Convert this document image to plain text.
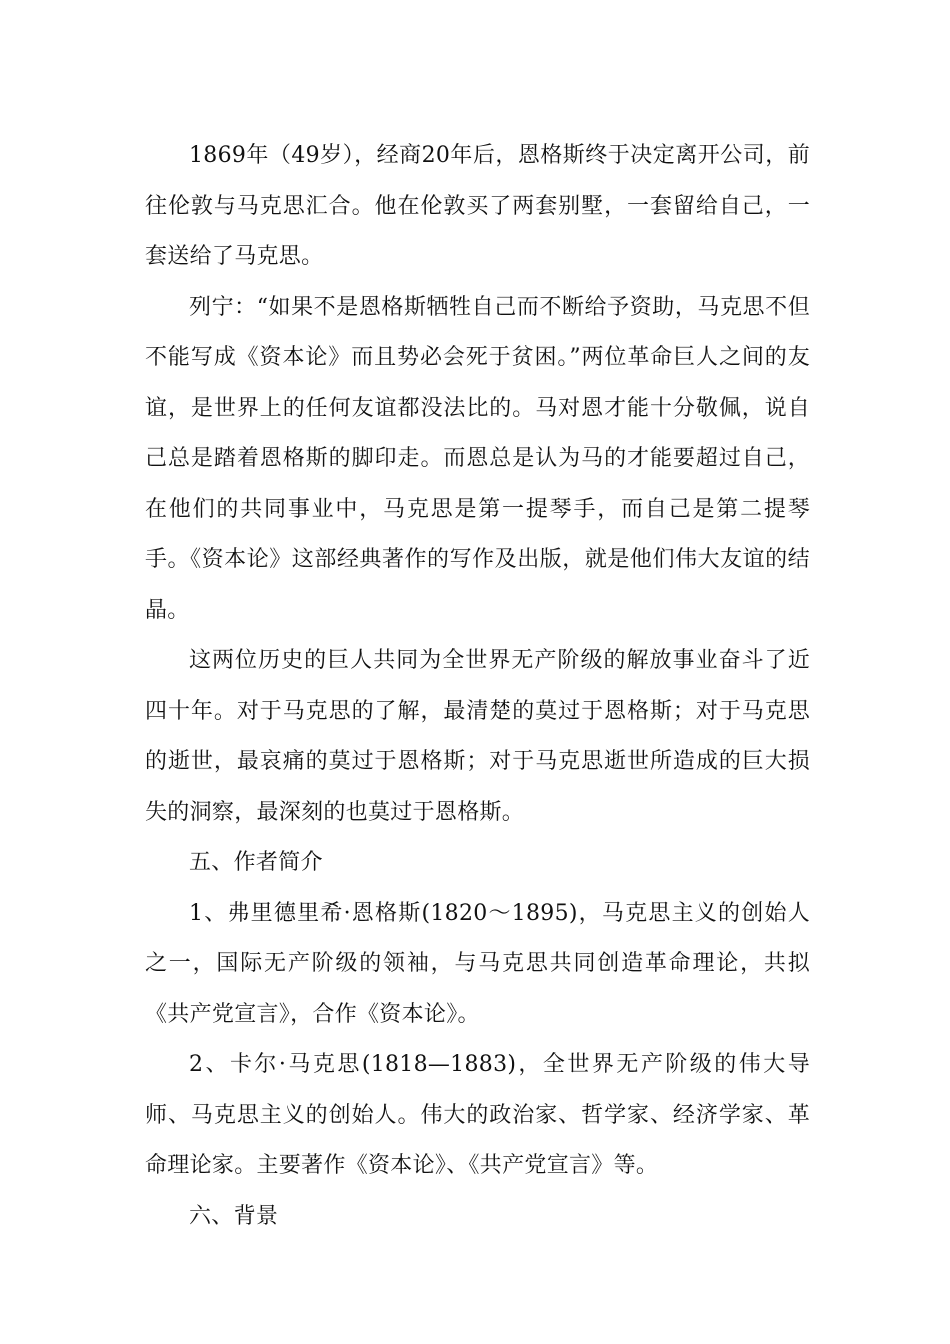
1869年（49岁），经商20年后，恩格斯终于决定离开公司，前往伦敦与马克思汇合。他在伦敦买了两套别墅，一套留给自己，一套送给了马克思。

列宁：“如果不是恩格斯牺牲自己而不断给予资助，马克思不但不能写成《资本论》而且势必会死于贫困。”两位革命巨人之间的友谊，是世界上的任何友谊都没法比的。马对恩才能十分敬佩，说自己总是踏着恩格斯的脚印走。而恩总是认为马的才能要超过自己，在他们的共同事业中，马克思是第一提琴手，而自己是第二提琴手。《资本论》这部经典著作的写作及出版，就是他们伟大友谊的结晶。

这两位历史的巨人共同为全世界无产阶级的解放事业奋斗了近四十年。对于马克思的了解，最清楚的莫过于恩格斯；对于马克思的逝世，最哀痛的莫过于恩格斯；对于马克思逝世所造成的巨大损失的洞察，最深刻的也莫过于恩格斯。

五、作者简介

1、弗里德里希·恩格斯(1820～1895)，马克思主义的创始人之一，国际无产阶级的领袖，与马克思共同创造革命理论，共拟《共产党宣言》，合作《资本论》。

2、卡尔·马克思(1818—1883)，全世界无产阶级的伟大导师、马克思主义的创始人。伟大的政治家、哲学家、经济学家、革命理论家。主要著作《资本论》、《共产党宣言》等。

六、背景
